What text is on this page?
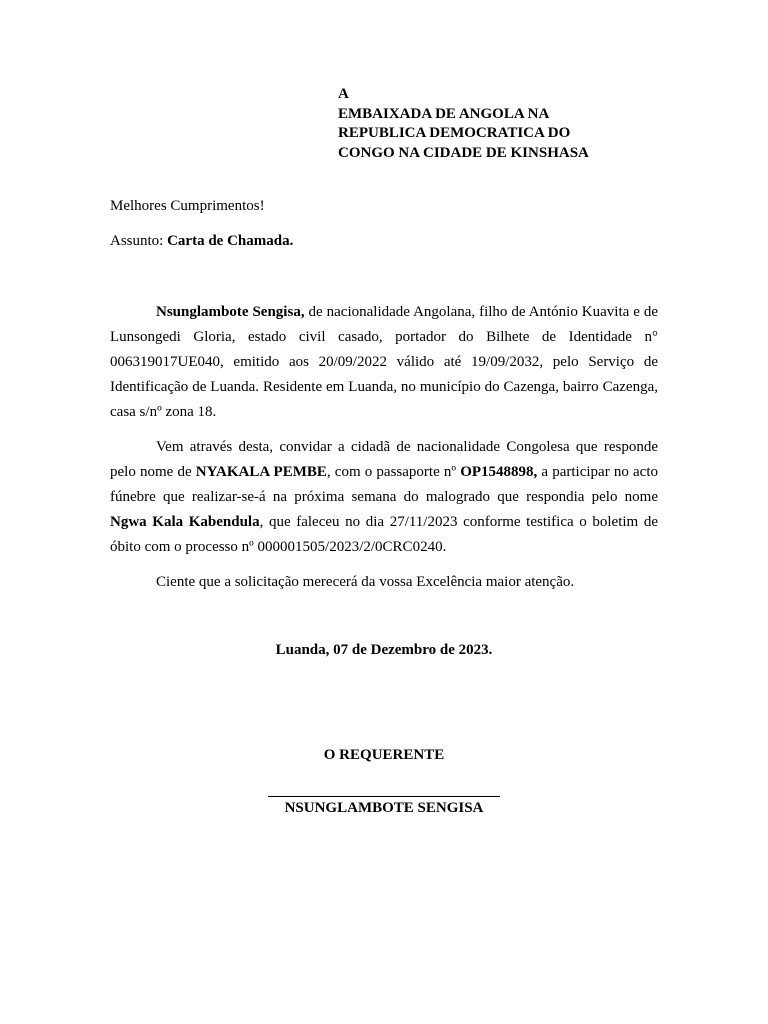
A
EMBAIXADA DE ANGOLA NA
REPUBLICA DEMOCRATICA DO
CONGO NA CIDADE DE KINSHASA
Melhores Cumprimentos!
Assunto: Carta de Chamada.

Nsunglambote Sengisa, de nacionalidade Angolana, filho de António Kuavita e de Lunsongedi Gloria, estado civil casado, portador do Bilhete de Identidade n° 006319017UE040, emitido aos 20/09/2022 válido até 19/09/2032, pelo Serviço de Identificação de Luanda. Residente em Luanda, no município do Cazenga, bairro Cazenga, casa s/nº zona 18.

Vem através desta, convidar a cidadã de nacionalidade Congolesa que responde pelo nome de NYAKALA PEMBE, com o passaporte nº OP1548898, a participar no acto fúnebre que realizar-se-á na próxima semana do malogrado que respondia pelo nome Ngwa Kala Kabendula, que faleceu no dia 27/11/2023 conforme testifica o boletim de óbito com o processo nº 000001505/2023/2/0CRC0240.

Ciente que a solicitação merecerá da vossa Excelência maior atenção.

Luanda, 07 de Dezembro de 2023.
O REQUERENTE
NSUNGLAMBOTE SENGISA
